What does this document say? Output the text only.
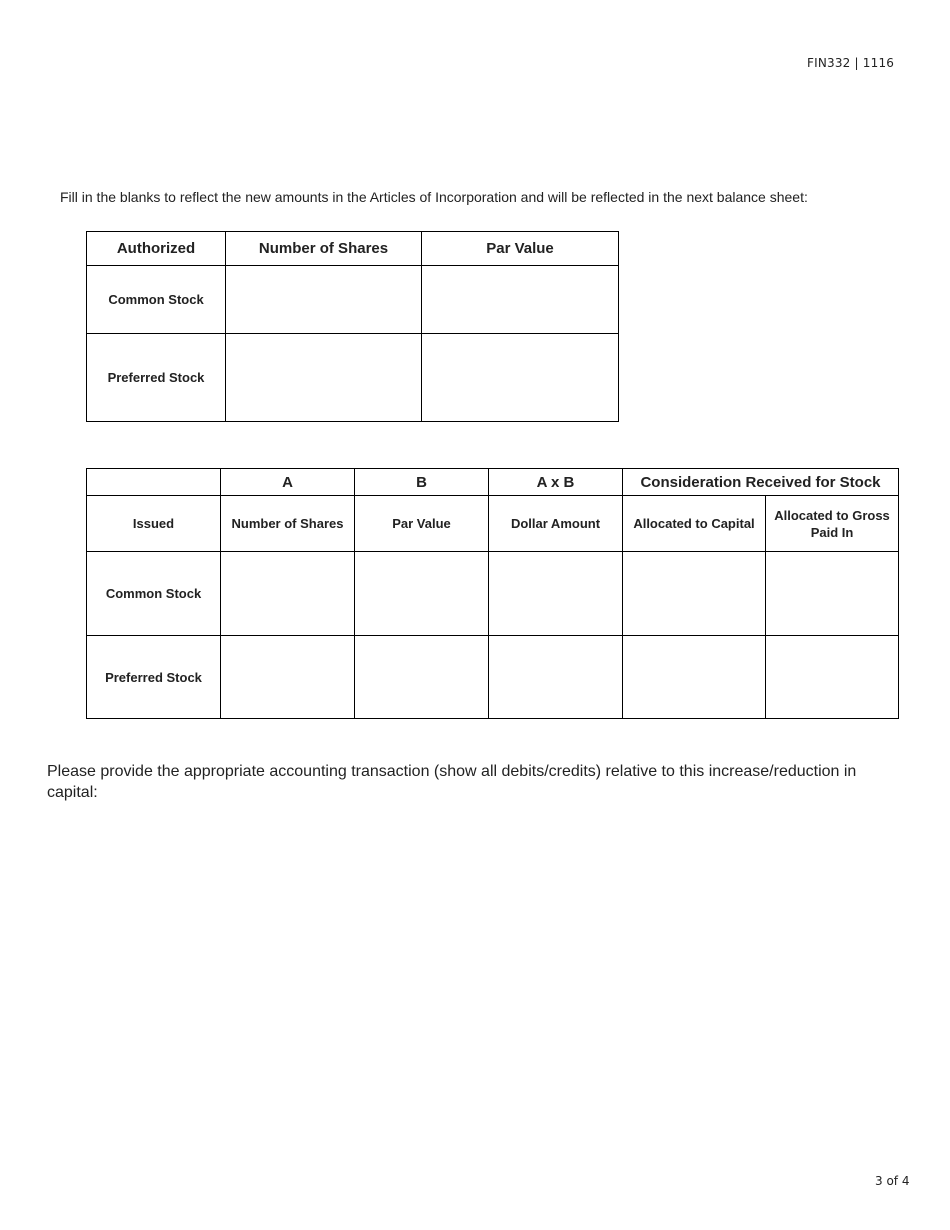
FIN332 | 1116
Fill in the blanks to reflect the new amounts in the Articles of Incorporation and will be reflected in the next balance sheet:
Authorized	Number of Shares	Par Value
Common Stock		
Preferred Stock		
	A	B	A x B	Consideration Received for Stock	
Issued	Number of Shares	Par Value	Dollar Amount	Allocated to Capital	Allocated to Gross Paid In
Common Stock					
Preferred Stock					
Please provide the appropriate accounting transaction (show all debits/credits) relative to this increase/reduction in capital:
3 of 4
